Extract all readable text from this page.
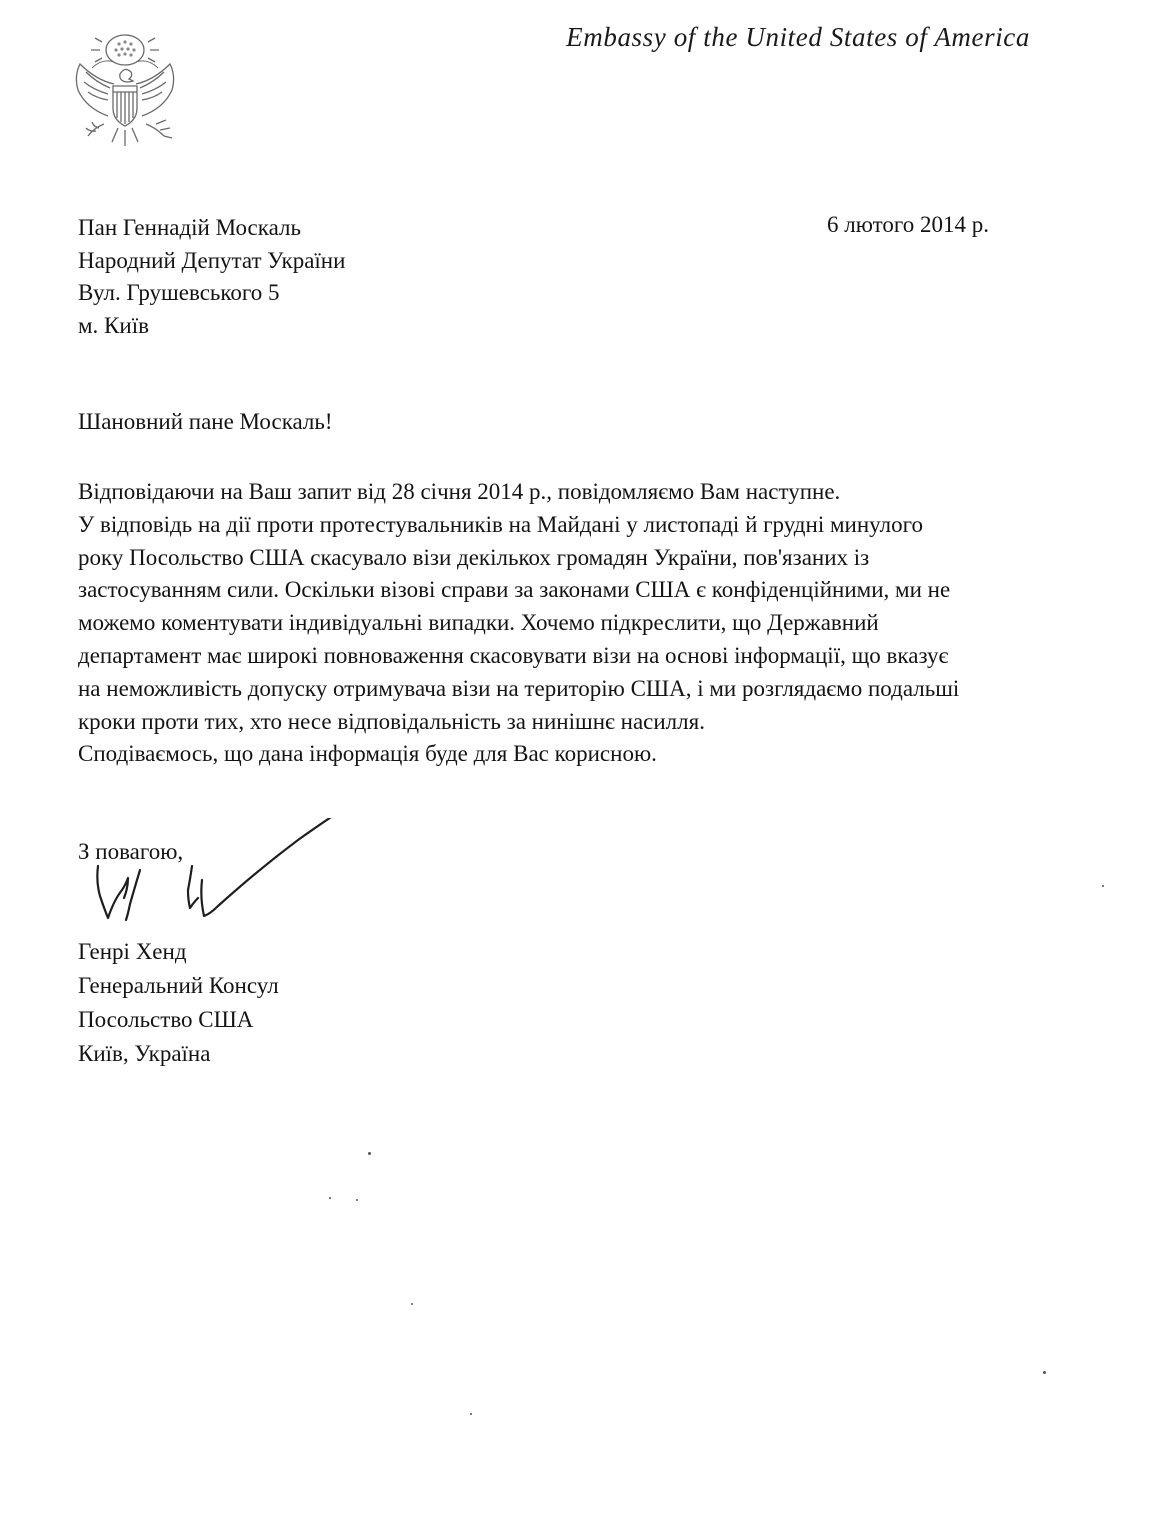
Embassy of the United States of America
6 лютого 2014 р.
Пан Геннадій Москаль
Народний Депутат України
Вул. Грушевського 5
м. Київ
Шановний пане Москаль!
Відповідаючи на Ваш запит від 28 січня 2014 р., повідомляємо Вам наступне.
У відповідь на дії проти протестувальників на Майдані у листопаді й грудні минулого
року Посольство США скасувало візи декількох громадян України, пов'язаних із
застосуванням сили. Оскільки візові справи за законами США є конфіденційними, ми не
можемо коментувати індивідуальні випадки. Хочемо підкреслити, що Державний
департамент має широкі повноваження скасовувати візи на основі інформації, що вказує
на неможливість допуску отримувача візи на територію США, і ми розглядаємо подальші
кроки проти тих, хто несе відповідальність за нинішнє насилля.
Сподіваємось, що дана інформація буде для Вас корисною.
З повагою,
Генрі Хенд
Генеральний Консул
Посольство США
Київ, Україна
